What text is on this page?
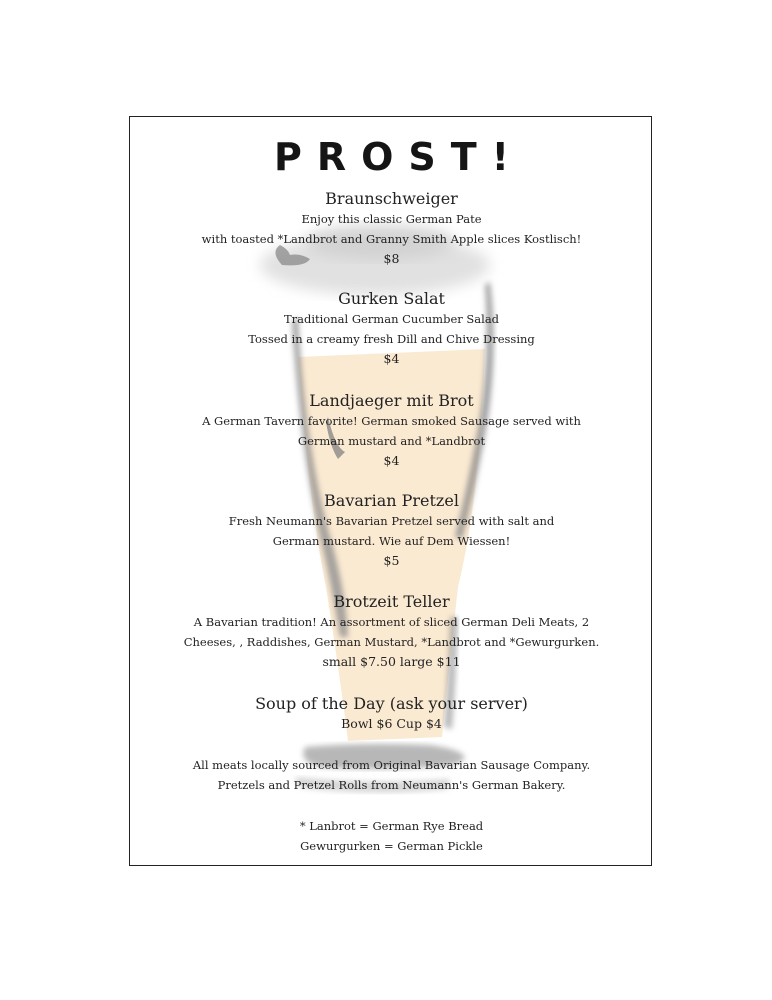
PROST!
Braunschweiger
Enjoy this classic German Pate
with toasted *Landbrot and Granny Smith Apple slices Kostlisch!
$8
Gurken Salat
Traditional German Cucumber Salad
Tossed in a creamy fresh Dill and Chive Dressing
$4
Landjaeger mit Brot
A German Tavern favorite! German smoked Sausage served with
German mustard and *Landbrot
$4
Bavarian Pretzel
Fresh Neumann's Bavarian Pretzel served with salt and
German mustard. Wie auf Dem Wiessen!
$5
Brotzeit Teller
A Bavarian tradition! An assortment of sliced German Deli Meats, 2
Cheeses, , Raddishes, German Mustard, *Landbrot and *Gewurgurken.
small $7.50 large $11
Soup of the Day (ask your server)
Bowl $6 Cup $4
All meats locally sourced from Original Bavarian Sausage Company.
Pretzels and Pretzel Rolls from Neumann's German Bakery.
* Lanbrot = German Rye Bread
Gewurgurken = German Pickle
